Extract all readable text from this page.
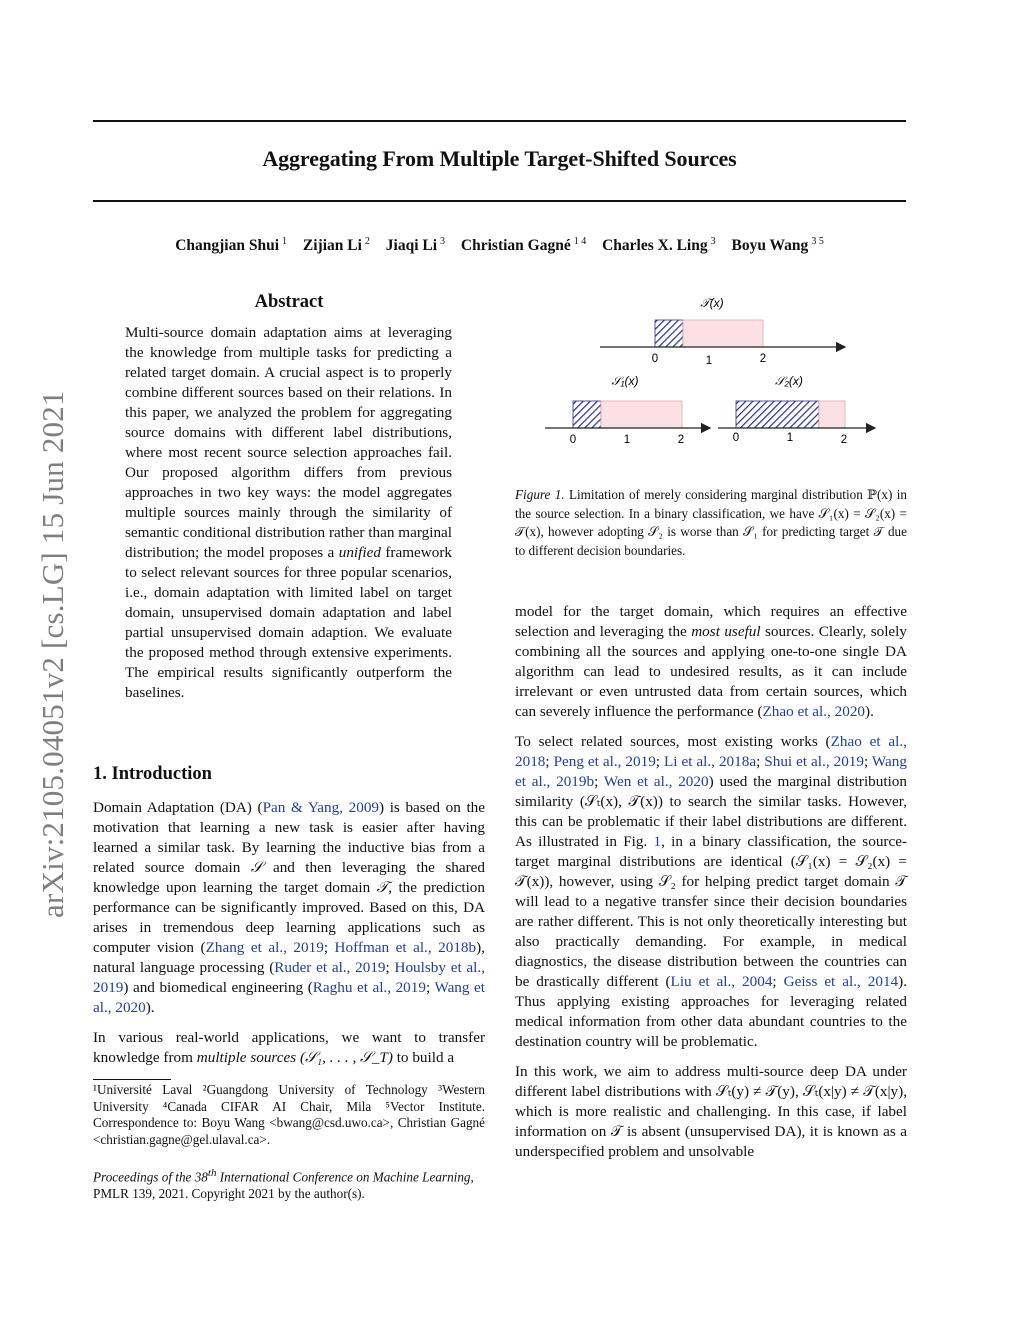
Aggregating From Multiple Target-Shifted Sources
Changjian Shui $^1$ Zijian Li $^2$ Jiaqi Li $^3$ Christian Gagné $^{1 4}$ Charles X. Ling $^3$ Boyu Wang $^{3 5}$
arXiv:2105.04051v2 [cs.LG] 15 Jun 2021
Abstract

Multi-source domain adaptation aims at leveraging the knowledge from multiple tasks for predicting a related target domain. A crucial aspect is to properly combine different sources based on their relations. In this paper, we analyzed the problem for aggregating source domains with different label distributions, where most recent source selection approaches fail. Our proposed algorithm differs from previous approaches in two key ways: the model aggregates multiple sources mainly through the similarity of semantic conditional distribution rather than marginal distribution; the model proposes a unified framework to select relevant sources for three popular scenarios, i.e., domain adaptation with limited label on target domain, unsupervised domain adaptation and label partial unsupervised domain adaption. We evaluate the proposed method through extensive experiments. The empirical results significantly outperform the baselines.

1. Introduction

Domain Adaptation (DA) (Pan & Yang, 2009) is based on the motivation that learning a new task is easier after having learned a similar task. By learning the inductive bias from a related source domain 𝒮 and then leveraging the shared knowledge upon learning the target domain 𝒯, the prediction performance can be significantly improved. Based on this, DA arises in tremendous deep learning applications such as computer vision (Zhang et al., 2019; Hoffman et al., 2018b), natural language processing (Ruder et al., 2019; Houlsby et al., 2019) and biomedical engineering (Raghu et al., 2019; Wang et al., 2020).

In various real-world applications, we want to transfer knowledge from multiple sources (𝒮₁, . . . , 𝒮_T) to build a

¹Université Laval ²Guangdong University of Technology ³Western University ⁴Canada CIFAR AI Chair, Mila ⁵Vector Institute. Correspondence to: Boyu Wang <bwang@csd.uwo.ca>, Christian Gagné <christian.gagne@gel.ulaval.ca>.

Proceedings of the 38th International Conference on Machine Learning, PMLR 139, 2021. Copyright 2021 by the author(s).

𝒯(x)
0	1	2
𝒮₁(x)
0	1	2
𝒮₂(x)
0	1	2

Figure 1. Limitation of merely considering marginal distribution ℙ(x) in the source selection. In a binary classification, we have 𝒮₁(x) = 𝒮₂(x) = 𝒯(x), however adopting 𝒮₂ is worse than 𝒮₁ for predicting target 𝒯 due to different decision boundaries.

model for the target domain, which requires an effective selection and leveraging the most useful sources. Clearly, solely combining all the sources and applying one-to-one single DA algorithm can lead to undesired results, as it can include irrelevant or even untrusted data from certain sources, which can severely influence the performance (Zhao et al., 2020).

To select related sources, most existing works (Zhao et al., 2018; Peng et al., 2019; Li et al., 2018a; Shui et al., 2019; Wang et al., 2019b; Wen et al., 2020) used the marginal distribution similarity (𝒮ₜ(x), 𝒯(x)) to search the similar tasks. However, this can be problematic if their label distributions are different. As illustrated in Fig. 1, in a binary classification, the source-target marginal distributions are identical (𝒮₁(x) = 𝒮₂(x) = 𝒯(x)), however, using 𝒮₂ for helping predict target domain 𝒯 will lead to a negative transfer since their decision boundaries are rather different. This is not only theoretically interesting but also practically demanding. For example, in medical diagnostics, the disease distribution between the countries can be drastically different (Liu et al., 2004; Geiss et al., 2014). Thus applying existing approaches for leveraging related medical information from other data abundant countries to the destination country will be problematic.

In this work, we aim to address multi-source deep DA under different label distributions with 𝒮ₜ(y) ≠ 𝒯(y), 𝒮ₜ(x|y) ≠ 𝒯(x|y), which is more realistic and challenging. In this case, if label information on 𝒯 is absent (unsupervised DA), it is known as a underspecified problem and unsolvable
